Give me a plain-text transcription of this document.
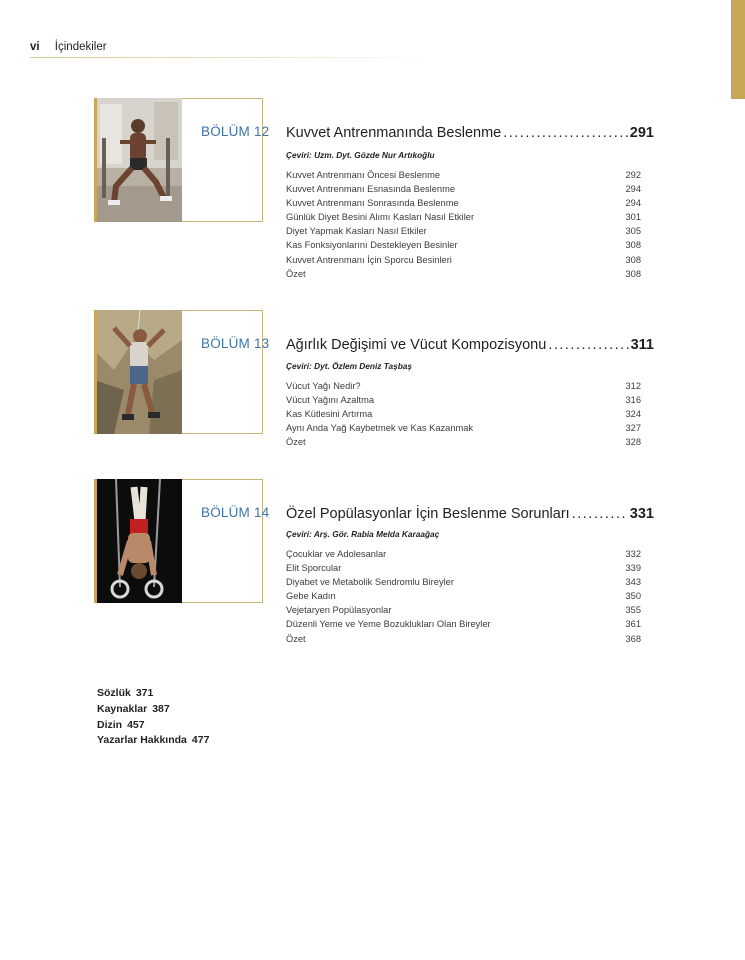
vi İçindekiler
BÖLÜM 12 Kuvvet Antrenmanında Beslenme .....	291
Çeviri: Uzm. Dyt. Gözde Nur Artıkoğlu
Kuvvet Antrenmanı Öncesi Beslenme	292
Kuvvet Antrenmanı Esnasında Beslenme	294
Kuvvet Antrenmanı Sonrasında Beslenme	294
Günlük Diyet Besini Alımı Kasları Nasıl Etkiler	301
Diyet Yapmak Kasları Nasıl Etkiler	305
Kas Fonksiyonlarını Destekleyen Besinler	308
Kuvvet Antrenmanı İçin Sporcu Besinleri	308
Özet	308
BÖLÜM 13 Ağırlık Değişimi ve Vücut Kompozisyonu .....	311
Çeviri: Dyt. Özlem Deniz Taşbaş
Vücut Yağı Nedir?	312
Vücut Yağını Azaltma	316
Kas Kütlesini Artırma	324
Aynı Anda Yağ Kaybetmek ve Kas Kazanmak	327
Özet	328
BÖLÜM 14 Özel Popülasyonlar İçin Beslenme Sorunları .....	331
Çeviri: Arş. Gör. Rabia Melda Karaağaç
Çocuklar ve Adolesanlar	332
Elit Sporcular	339
Diyabet ve Metabolik Sendromlu Bireyler	343
Gebe Kadın	350
Vejetaryen Popülasyonlar	355
Düzenli Yeme ve Yeme Bozuklukları Olan Bireyler	361
Özet	368
Sözlük 371
Kaynaklar 387
Dizin 457
Yazarlar Hakkında 477
